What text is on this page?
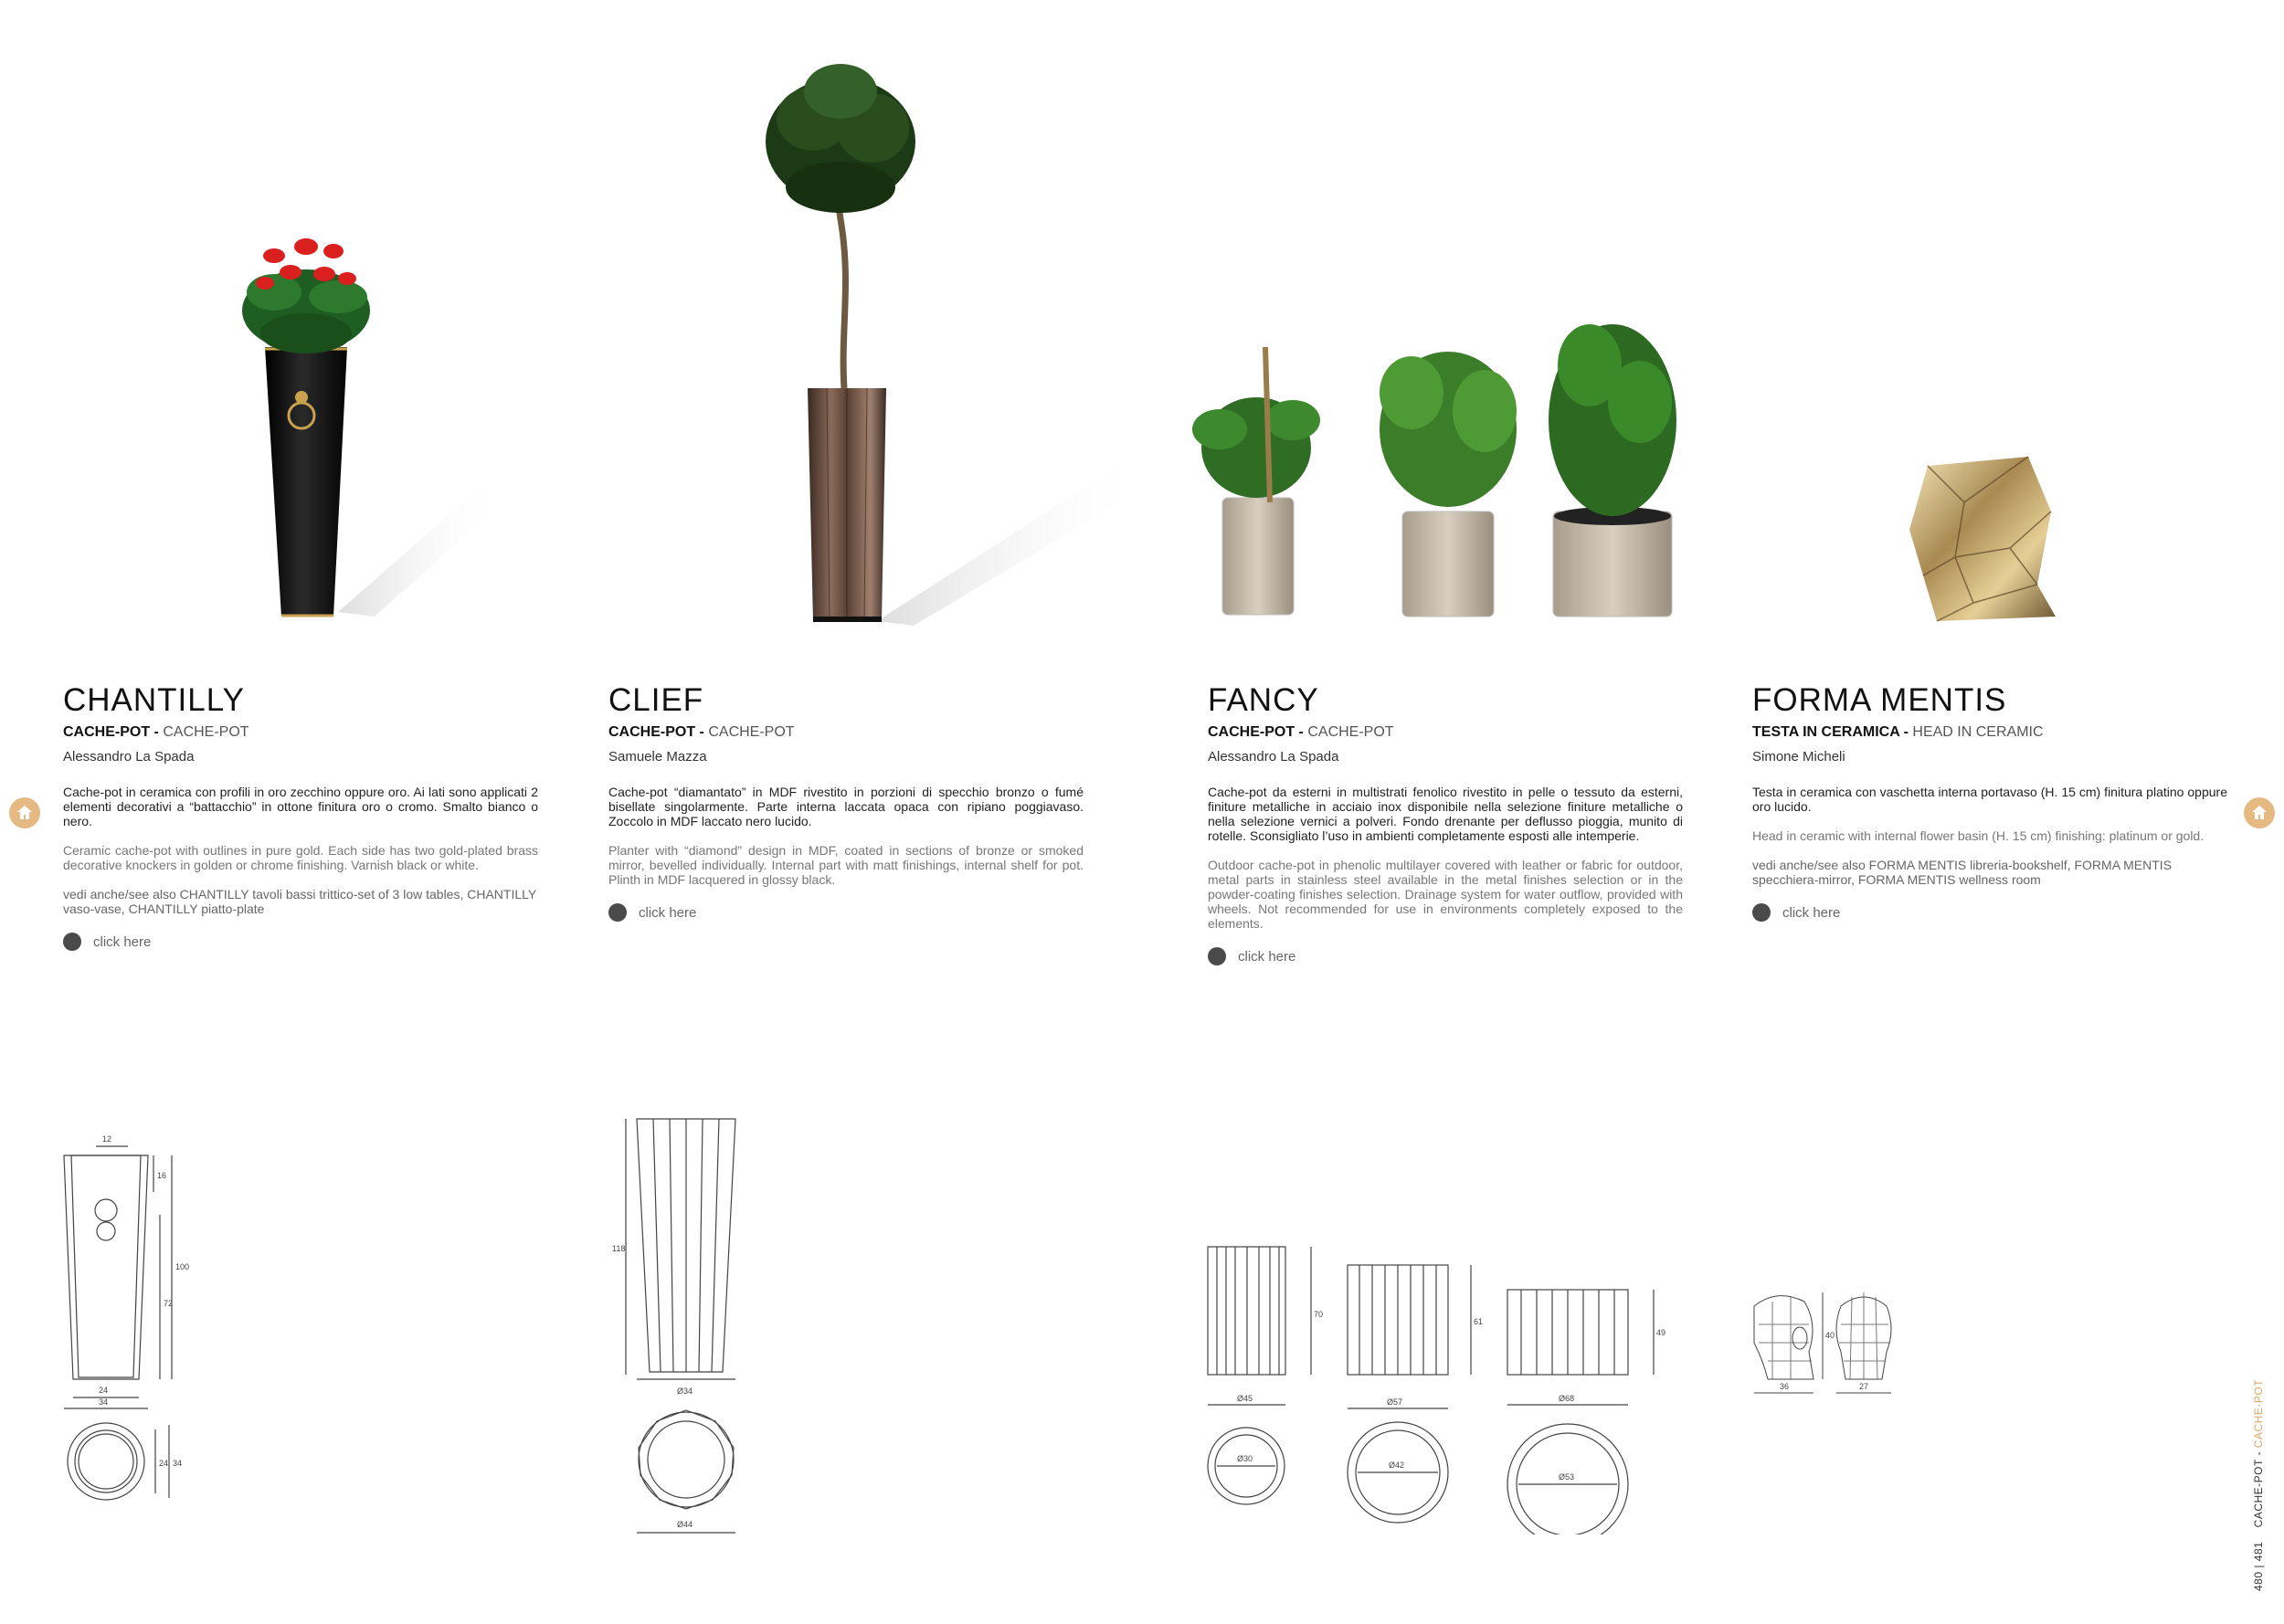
CHANTILLY
CACHE-POT - CACHE-POT
Alessandro La Spada
Cache-pot in ceramica con profili in oro zecchino oppure oro. Ai lati sono applicati 2 elementi decorativi a “battacchio” in ottone finitura oro o cromo. Smalto bianco o nero.
Ceramic cache-pot with outlines in pure gold. Each side has two gold-plated brass decorative knockers in golden or chrome finishing. Varnish black or white.
vedi anche/see also CHANTILLY tavoli bassi trittico-set of 3 low tables, CHANTILLY vaso-vase, CHANTILLY piatto-plate
click here
CLIEF
CACHE-POT - CACHE-POT
Samuele Mazza
Cache-pot “diamantato” in MDF rivestito in porzioni di specchio bronzo o fumé bisellate singolarmente. Parte interna laccata opaca con ripiano poggiavaso. Zoccolo in MDF laccato nero lucido.
Planter with “diamond” design in MDF, coated in sections of bronze or smoked mirror, bevelled individually. Internal part with matt finishings, internal shelf for pot. Plinth in MDF lacquered in glossy black.
click here
FANCY
CACHE-POT - CACHE-POT
Alessandro La Spada
Cache-pot da esterni in multistrati fenolico rivestito in pelle o tessuto da esterni, finiture metalliche in acciaio inox disponibile nella selezione finiture metalliche o nella selezione vernici a polveri. Fondo drenante per deflusso pioggia, munito di rotelle. Sconsigliato l’uso in ambienti completamente esposti alle intemperie.
Outdoor cache-pot in phenolic multilayer covered with leather or fabric for outdoor, metal parts in stainless steel available in the metal finishes selection or in the powder-coating finishes selection. Drainage system for water outflow, provided with wheels. Not recommended for use in environments completely exposed to the elements.
click here
FORMA MENTIS
TESTA IN CERAMICA - HEAD IN CERAMIC
Simone Micheli
Testa in ceramica con vaschetta interna portavaso (H. 15 cm) finitura platino oppure oro lucido.
Head in ceramic with internal flower basin (H. 15 cm) finishing: platinum or gold.
vedi anche/see also FORMA MENTIS libreria-bookshelf, FORMA MENTIS specchiera-mirror, FORMA MENTIS wellness room
click here
12
16
100
72
24
34
24 34
118
Ø34
Ø44
70
Ø45
Ø30
61
Ø57
Ø42
49
Ø68
Ø53
40
36	27
480 | 481    CACHE-POT - CACHE-POT
